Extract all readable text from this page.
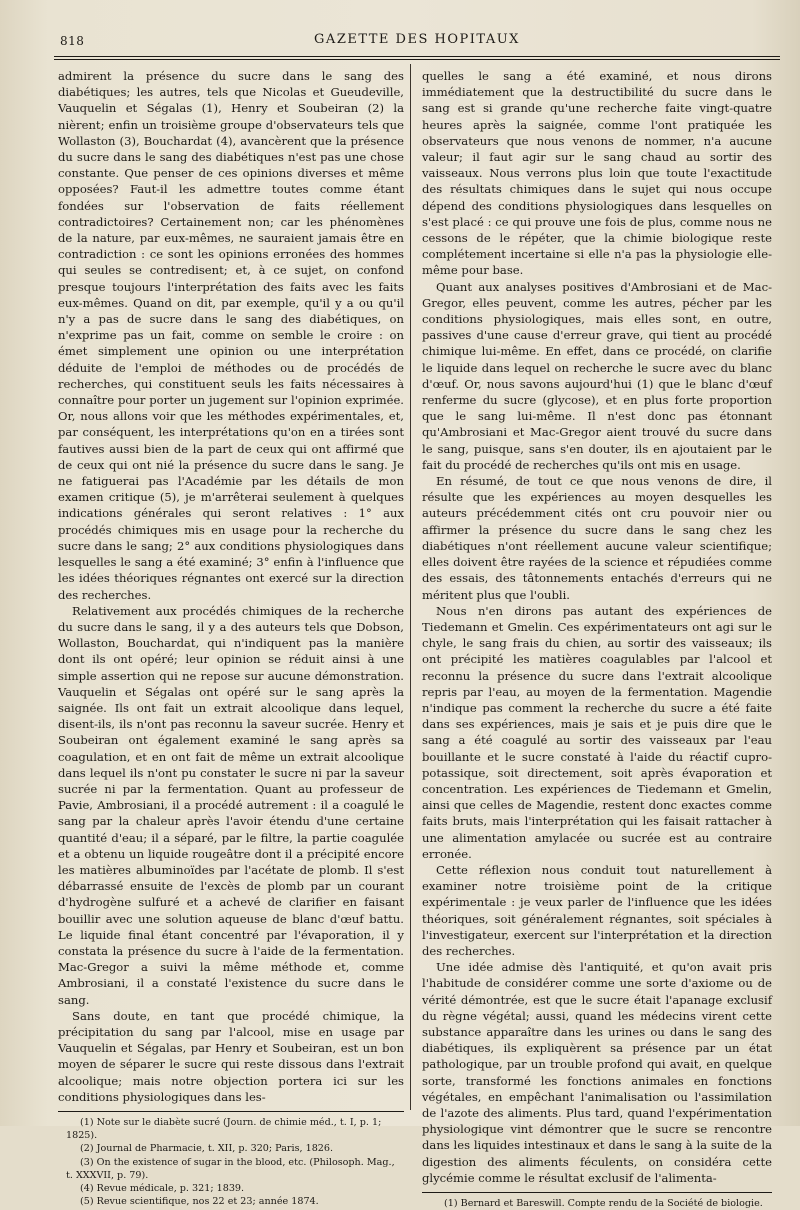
818	GAZETTE DES HOPITAUX

admirent la présence du sucre dans le sang des diabétiques; les autres, tels que Nicolas et Gueudeville, Vauquelin et Ségalas (1), Henry et Soubeiran (2) la nièrent; enfin un troisième groupe d'observateurs tels que Wollaston (3), Bouchardat (4), avancèrent que la présence du sucre dans le sang des diabétiques n'est pas une chose constante. Que penser de ces opinions diverses et même opposées? Faut-il les admettre toutes comme étant fondées sur l'observation de faits réellement contradictoires? Certainement non; car les phénomènes de la nature, par eux-mêmes, ne sauraient jamais être en contradiction : ce sont les opinions erronées des hommes qui seules se contredisent; et, à ce sujet, on confond presque toujours l'interprétation des faits avec les faits eux-mêmes. Quand on dit, par exemple, qu'il y a ou qu'il n'y a pas de sucre dans le sang des diabétiques, on n'exprime pas un fait, comme on semble le croire : on émet simplement une opinion ou une interprétation déduite de l'emploi de méthodes ou de procédés de recherches, qui constituent seuls les faits nécessaires à connaître pour porter un jugement sur l'opinion exprimée. Or, nous allons voir que les méthodes expérimentales, et, par conséquent, les interprétations qu'on en a tirées sont fautives aussi bien de la part de ceux qui ont affirmé que de ceux qui ont nié la présence du sucre dans le sang. Je ne fatiguerai pas l'Académie par les détails de mon examen critique (5), je m'arrêterai seulement à quelques indications générales qui seront relatives : 1° aux procédés chimiques mis en usage pour la recherche du sucre dans le sang; 2° aux conditions physiologiques dans lesquelles le sang a été examiné; 3° enfin à l'influence que les idées théoriques régnantes ont exercé sur la direction des recherches.

Relativement aux procédés chimiques de la recherche du sucre dans le sang, il y a des auteurs tels que Dobson, Wollaston, Bouchardat, qui n'indiquent pas la manière dont ils ont opéré; leur opinion se réduit ainsi à une simple assertion qui ne repose sur aucune démonstration. Vauquelin et Ségalas ont opéré sur le sang après la saignée. Ils ont fait un extrait alcoolique dans lequel, disent-ils, ils n'ont pas reconnu la saveur sucrée. Henry et Soubeiran ont également examiné le sang après sa coagulation, et en ont fait de même un extrait alcoolique dans lequel ils n'ont pu constater le sucre ni par la saveur sucrée ni par la fermentation. Quant au professeur de Pavie, Ambrosiani, il a procédé autrement : il a coagulé le sang par la chaleur après l'avoir étendu d'une certaine quantité d'eau; il a séparé, par le filtre, la partie coagulée et a obtenu un liquide rougeâtre dont il a précipité encore les matières albuminoïdes par l'acétate de plomb. Il s'est débarrassé ensuite de l'excès de plomb par un courant d'hydrogène sulfuré et a achevé de clarifier en faisant bouillir avec une solution aqueuse de blanc d'œuf battu. Le liquide final étant concentré par l'évaporation, il y constata la présence du sucre à l'aide de la fermentation. Mac-Gregor a suivi la même méthode et, comme Ambrosiani, il a constaté l'existence du sucre dans le sang.

Sans doute, en tant que procédé chimique, la précipitation du sang par l'alcool, mise en usage par Vauquelin et Ségalas, par Henry et Soubeiran, est un bon moyen de séparer le sucre qui reste dissous dans l'extrait alcoolique; mais notre objection portera ici sur les conditions physiologiques dans les-

(1) Note sur le diabète sucré (Journ. de chimie méd., t. I, p. 1; 1825).

(2) Journal de Pharmacie, t. XII, p. 320; Paris, 1826.

(3) On the existence of sugar in the blood, etc. (Philosoph. Mag., t. XXXVII, p. 79).

(4) Revue médicale, p. 321; 1839.

(5) Revue scientifique, nos 22 et 23; année 1874.

quelles le sang a été examiné, et nous dirons immédiatement que la destructibilité du sucre dans le sang est si grande qu'une recherche faite vingt-quatre heures après la saignée, comme l'ont pratiquée les observateurs que nous venons de nommer, n'a aucune valeur; il faut agir sur le sang chaud au sortir des vaisseaux. Nous verrons plus loin que toute l'exactitude des résultats chimiques dans le sujet qui nous occupe dépend des conditions physiologiques dans lesquelles on s'est placé : ce qui prouve une fois de plus, comme nous ne cessons de le répéter, que la chimie biologique reste complétement incertaine si elle n'a pas la physiologie elle-même pour base.

Quant aux analyses positives d'Ambrosiani et de Mac-Gregor, elles peuvent, comme les autres, pécher par les conditions physiologiques, mais elles sont, en outre, passives d'une cause d'erreur grave, qui tient au procédé chimique lui-même. En effet, dans ce procédé, on clarifie le liquide dans lequel on recherche le sucre avec du blanc d'œuf. Or, nous savons aujourd'hui (1) que le blanc d'œuf renferme du sucre (glycose), et en plus forte proportion que le sang lui-même. Il n'est donc pas étonnant qu'Ambrosiani et Mac-Gregor aient trouvé du sucre dans le sang, puisque, sans s'en douter, ils en ajoutaient par le fait du procédé de recherches qu'ils ont mis en usage.

En résumé, de tout ce que nous venons de dire, il résulte que les expériences au moyen desquelles les auteurs précédemment cités ont cru pouvoir nier ou affirmer la présence du sucre dans le sang chez les diabétiques n'ont réellement aucune valeur scientifique; elles doivent être rayées de la science et répudiées comme des essais, des tâtonnements entachés d'erreurs qui ne méritent plus que l'oubli.

Nous n'en dirons pas autant des expériences de Tiedemann et Gmelin. Ces expérimentateurs ont agi sur le chyle, le sang frais du chien, au sortir des vaisseaux; ils ont précipité les matières coagulables par l'alcool et reconnu la présence du sucre dans l'extrait alcoolique repris par l'eau, au moyen de la fermentation. Magendie n'indique pas comment la recherche du sucre a été faite dans ses expériences, mais je sais et je puis dire que le sang a été coagulé au sortir des vaisseaux par l'eau bouillante et le sucre constaté à l'aide du réactif cupro-potassique, soit directement, soit après évaporation et concentration. Les expériences de Tiedemann et Gmelin, ainsi que celles de Magendie, restent donc exactes comme faits bruts, mais l'interprétation qui les faisait rattacher à une alimentation amylacée ou sucrée est au contraire erronée.

Cette réflexion nous conduit tout naturellement à examiner notre troisième point de la critique expérimentale : je veux parler de l'influence que les idées théoriques, soit généralement régnantes, soit spéciales à l'investigateur, exercent sur l'interprétation et la direction des recherches.

Une idée admise dès l'antiquité, et qu'on avait pris l'habitude de considérer comme une sorte d'axiome ou de vérité démontrée, est que le sucre était l'apanage exclusif du règne végétal; aussi, quand les médecins virent cette substance apparaître dans les urines ou dans le sang des diabétiques, ils expliquèrent sa présence par un état pathologique, par un trouble profond qui avait, en quelque sorte, transformé les fonctions animales en fonctions végétales, en empêchant l'animalisation ou l'assimilation de l'azote des aliments. Plus tard, quand l'expérimentation physiologique vint démontrer que le sucre se rencontre dans les liquides intestinaux et dans le sang à la suite de la digestion des aliments féculents, on considéra cette glycémie comme le résultat exclusif de l'alimenta-

(1) Bernard et Bareswill. Compte rendu de la Société de biologie.
